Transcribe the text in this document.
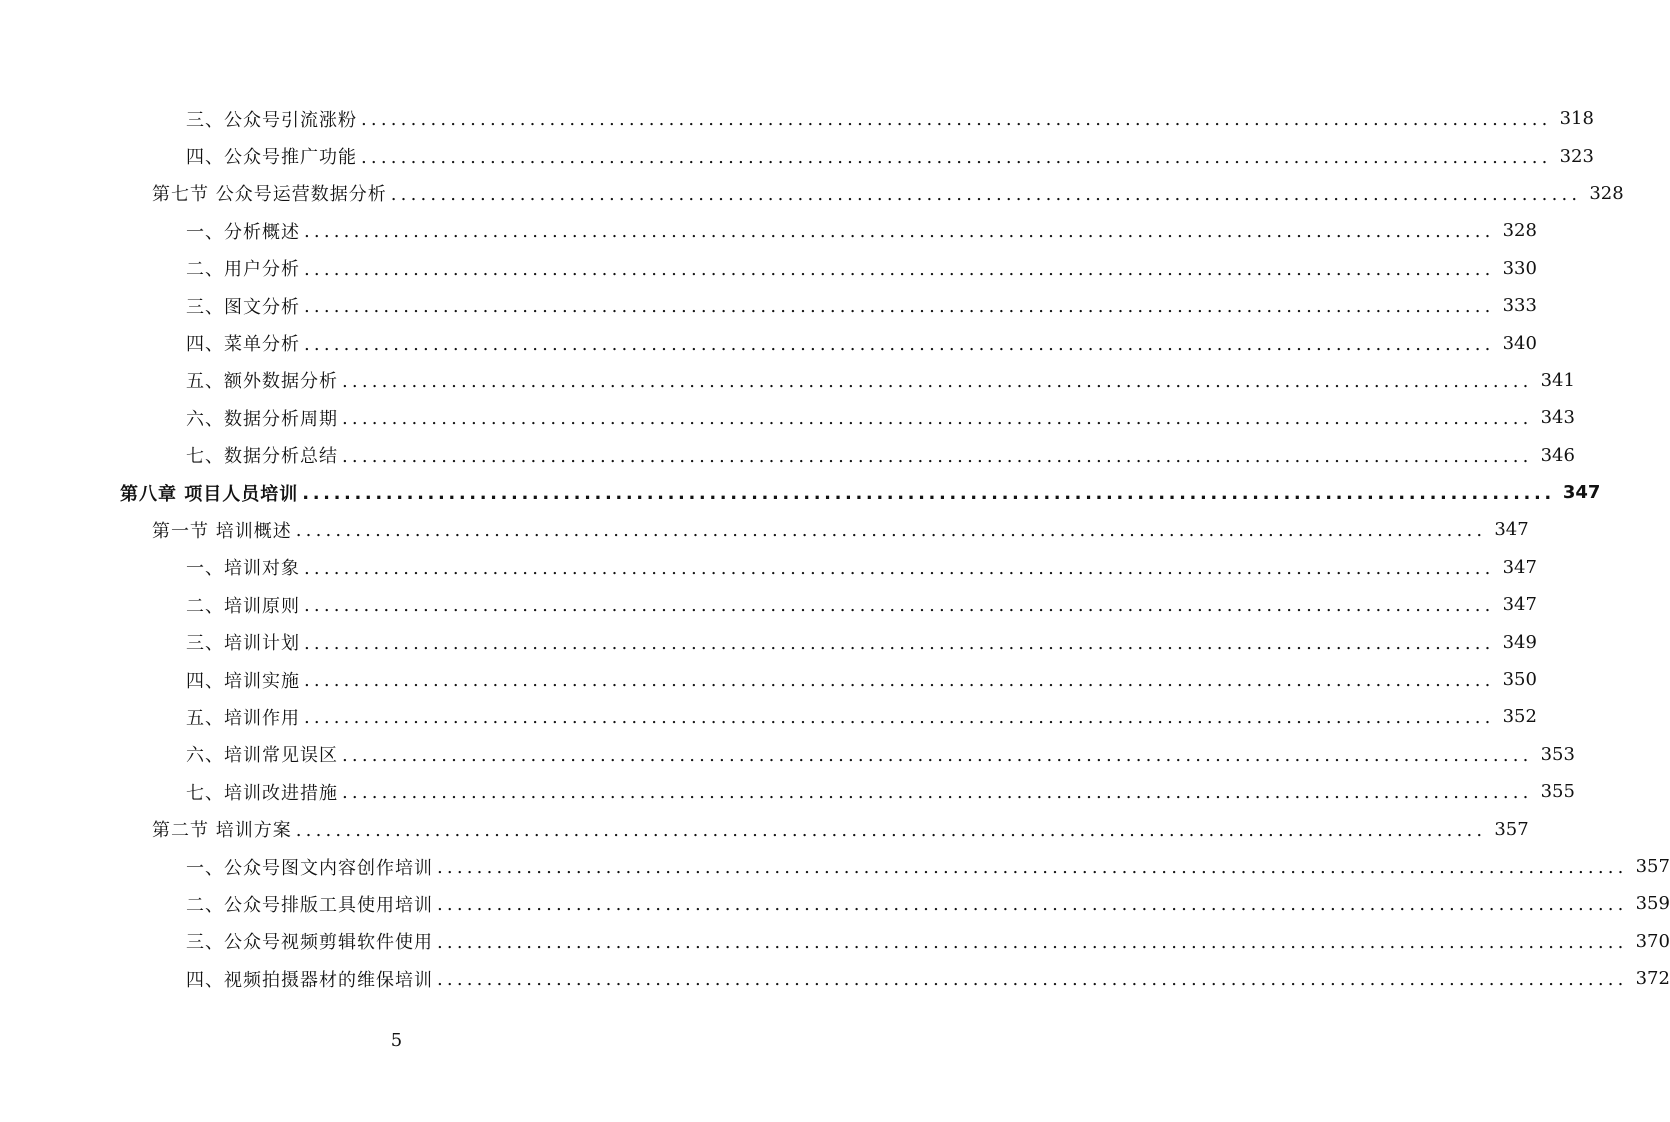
三、公众号引流涨粉 ........................................................................................................................ 318
四、公众号推广功能 ........................................................................................................................ 323
第七节 公众号运营数据分析 ........................................................................................................................ 328
一、分析概述 ........................................................................................................................ 328
二、用户分析 ........................................................................................................................ 330
三、图文分析 ........................................................................................................................ 333
四、菜单分析 ........................................................................................................................ 340
五、额外数据分析 ........................................................................................................................ 341
六、数据分析周期 ........................................................................................................................ 343
七、数据分析总结 ........................................................................................................................ 346
第八章 项目人员培训 ........................................................................................................................ 347
第一节 培训概述 ........................................................................................................................ 347
一、培训对象 ........................................................................................................................ 347
二、培训原则 ........................................................................................................................ 347
三、培训计划 ........................................................................................................................ 349
四、培训实施 ........................................................................................................................ 350
五、培训作用 ........................................................................................................................ 352
六、培训常见误区 ........................................................................................................................ 353
七、培训改进措施 ........................................................................................................................ 355
第二节 培训方案 ........................................................................................................................ 357
一、公众号图文内容创作培训 ........................................................................................................................ 357
二、公众号排版工具使用培训 ........................................................................................................................ 359
三、公众号视频剪辑软件使用 ........................................................................................................................ 370
四、视频拍摄器材的维保培训 ........................................................................................................................ 372
5
